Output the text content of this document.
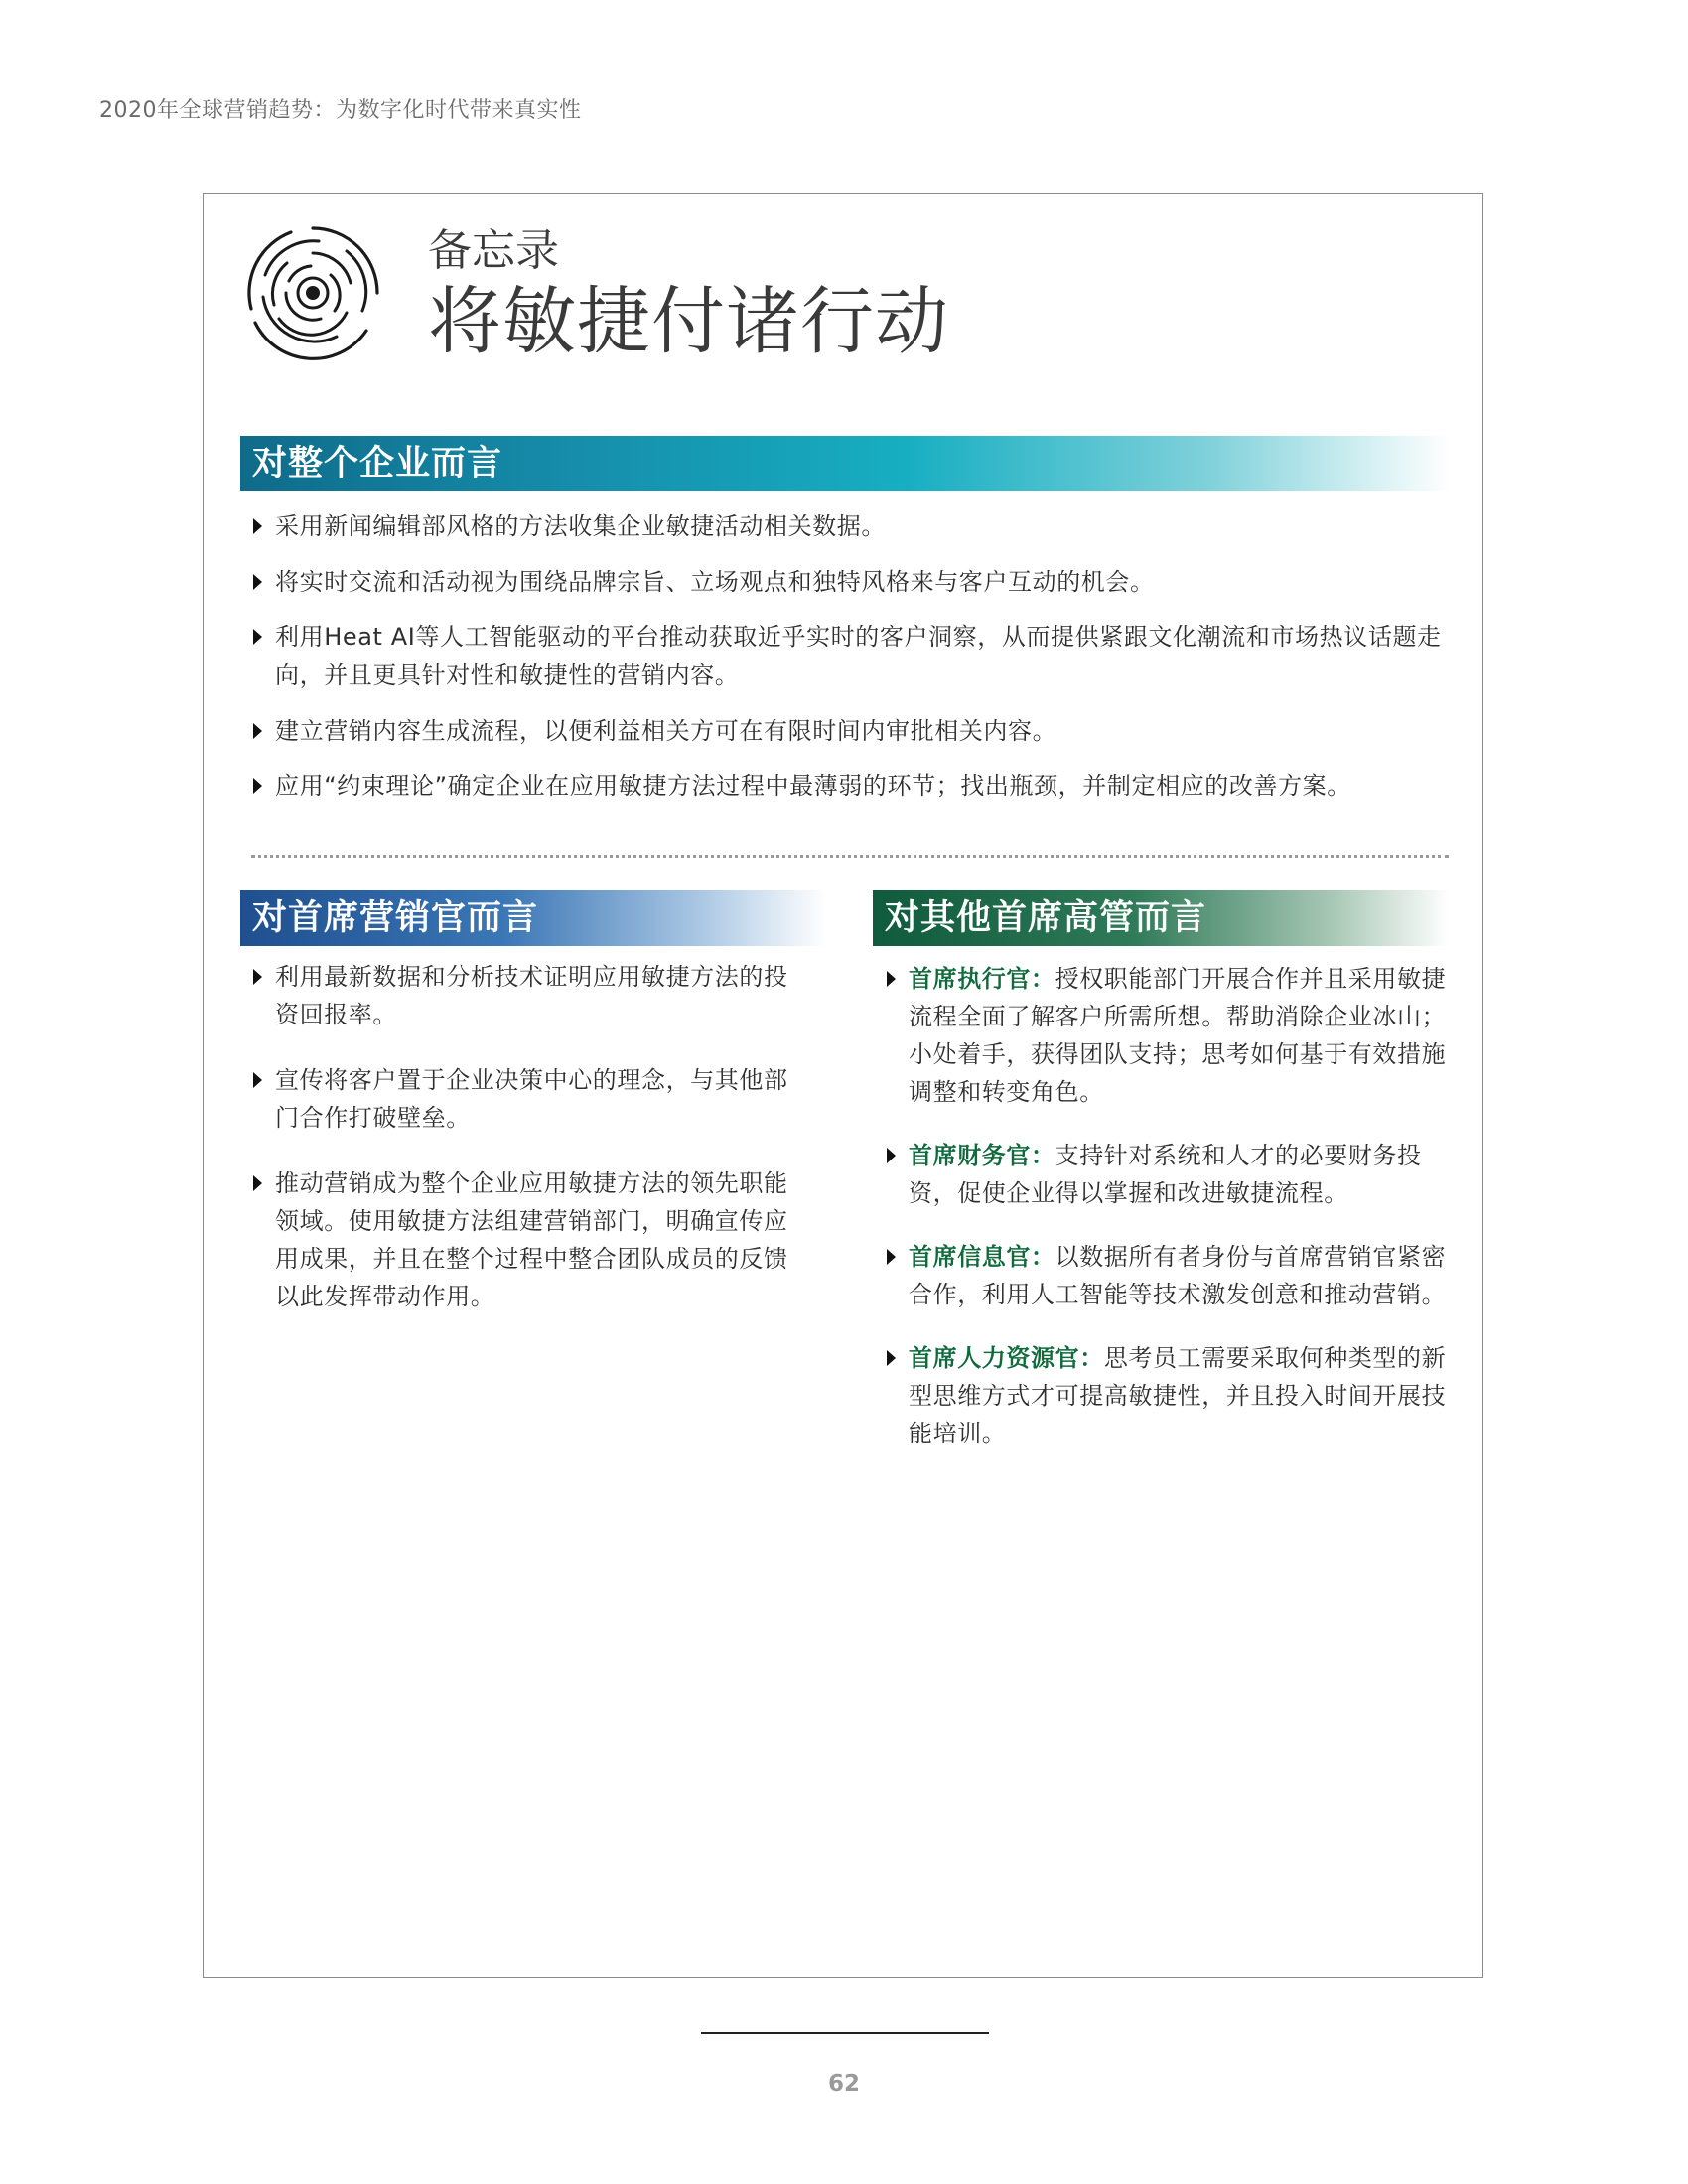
2020年全球营销趋势：为数字化时代带来真实性
备忘录
将敏捷付诸行动
对整个企业而言
采用新闻编辑部风格的方法收集企业敏捷活动相关数据。
将实时交流和活动视为围绕品牌宗旨、立场观点和独特风格来与客户互动的机会。
利用Heat AI等人工智能驱动的平台推动获取近乎实时的客户洞察，从而提供紧跟文化潮流和市场热议话题走向，并且更具针对性和敏捷性的营销内容。
建立营销内容生成流程，以便利益相关方可在有限时间内审批相关内容。
应用“约束理论”确定企业在应用敏捷方法过程中最薄弱的环节；找出瓶颈，并制定相应的改善方案。
对首席营销官而言
利用最新数据和分析技术证明应用敏捷方法的投资回报率。
宣传将客户置于企业决策中心的理念，与其他部门合作打破壁垒。
推动营销成为整个企业应用敏捷方法的领先职能领域。使用敏捷方法组建营销部门，明确宣传应用成果，并且在整个过程中整合团队成员的反馈以此发挥带动作用。
对其他首席高管而言
首席执行官：授权职能部门开展合作并且采用敏捷流程全面了解客户所需所想。帮助消除企业冰山；小处着手，获得团队支持；思考如何基于有效措施调整和转变角色。
首席财务官：支持针对系统和人才的必要财务投资，促使企业得以掌握和改进敏捷流程。
首席信息官：以数据所有者身份与首席营销官紧密合作，利用人工智能等技术激发创意和推动营销。
首席人力资源官：思考员工需要采取何种类型的新型思维方式才可提高敏捷性，并且投入时间开展技能培训。
62
